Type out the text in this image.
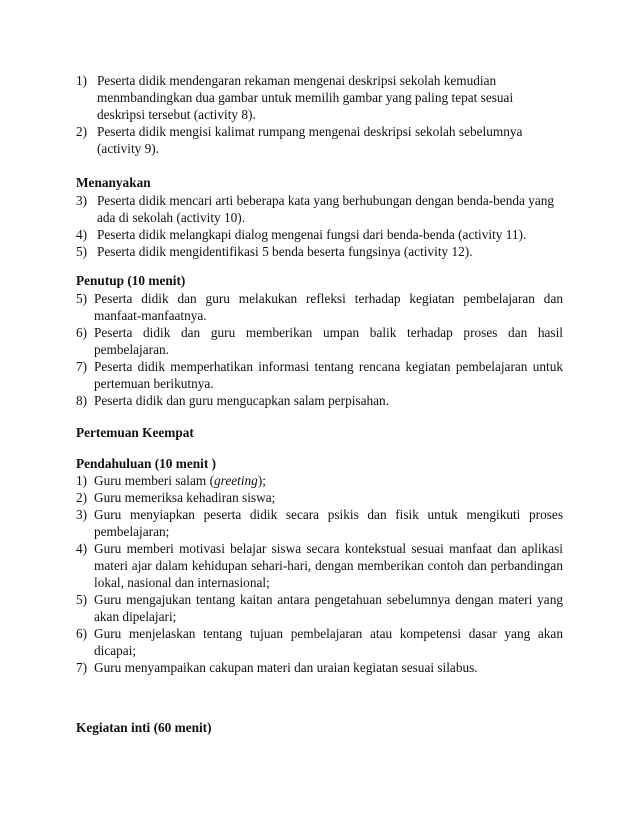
1) Peserta didik mendengaran rekaman mengenai deskripsi sekolah kemudian menmbandingkan dua gambar untuk memilih gambar yang paling tepat sesuai deskripsi tersebut (activity 8).
2) Peserta didik mengisi kalimat rumpang mengenai deskripsi sekolah sebelumnya (activity 9).
Menanyakan
3) Peserta didik mencari arti beberapa kata yang berhubungan dengan benda-benda yang ada di sekolah (activity 10).
4) Peserta didik melangkapi dialog mengenai fungsi dari benda-benda (activity 11).
5) Peserta didik mengidentifikasi 5 benda beserta fungsinya (activity 12).
Penutup (10 menit)
5) Peserta didik dan guru melakukan refleksi terhadap kegiatan pembelajaran dan manfaat-manfaatnya.
6) Peserta didik dan guru memberikan umpan balik terhadap proses dan hasil pembelajaran.
7) Peserta didik memperhatikan informasi tentang rencana kegiatan pembelajaran untuk pertemuan berikutnya.
8) Peserta didik dan guru mengucapkan salam perpisahan.
Pertemuan Keempat
Pendahuluan (10 menit )
1) Guru memberi salam (greeting);
2) Guru memeriksa kehadiran siswa;
3) Guru menyiapkan peserta didik secara psikis dan fisik untuk mengikuti proses pembelajaran;
4) Guru memberi motivasi belajar siswa secara kontekstual sesuai manfaat dan aplikasi materi ajar dalam kehidupan sehari-hari, dengan memberikan contoh dan perbandingan lokal, nasional dan internasional;
5) Guru mengajukan tentang kaitan antara pengetahuan sebelumnya dengan materi yang akan dipelajari;
6) Guru menjelaskan tentang tujuan pembelajaran atau kompetensi dasar yang akan dicapai;
7) Guru menyampaikan cakupan materi dan uraian kegiatan sesuai silabus.
Kegiatan inti (60 menit)
